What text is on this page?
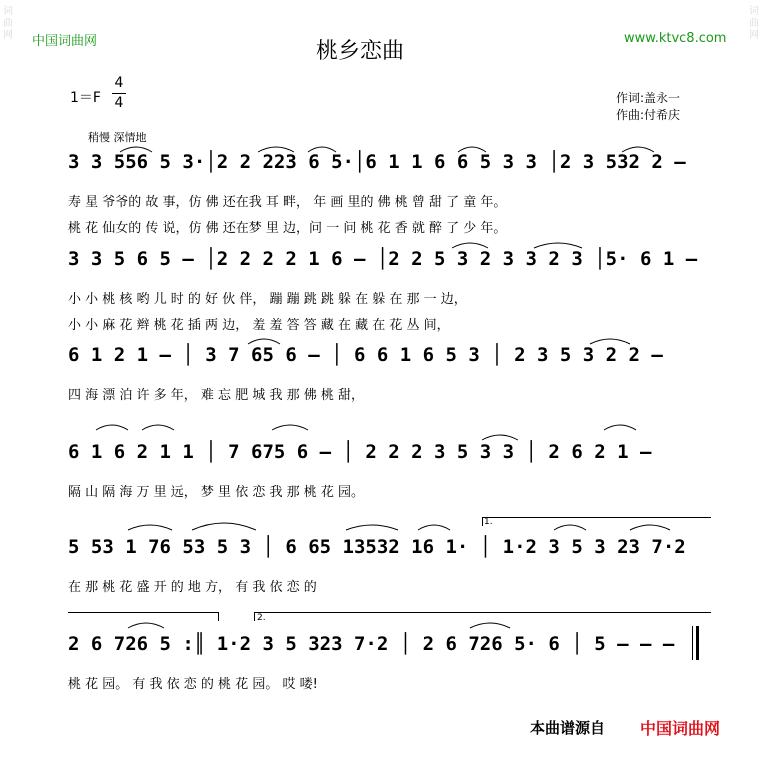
词
曲
网
词
曲
网
中国词曲网	www.ktvc8.com
桃乡恋曲
1＝F
4
4	作词:盖永一
作曲:付希庆
稍慢 深情地
3 3 556 5 3·│2 2 223 6 5·│6 1 1 6 6 5 3 3 │2 3 532 2 –
寿 星 爷爷的 故 事，仿 佛 还在我 耳 畔， 年 画 里的 佛 桃 曾 甜 了 童 年。
桃 花 仙女的 传 说，仿 佛 还在梦 里 边，问 一 问 桃 花 香 就 醉 了 少 年。
3 3 5 6 5 – │2 2 2 2 1 6 – │2 2 5 3 2 3 3 2 3 │5· 6 1 –
小 小 桃 核 哟 儿 时 的 好 伙 伴， 蹦 蹦 跳 跳 躲 在 躲 在 那 一 边，
小 小 麻 花 辫 桃 花 插 两 边， 羞 羞 答 答 藏 在 藏 在 花 丛 间，
6 1 2 1 – │ 3 7 65 6 – │ 6 6 1 6 5 3 │ 2 3 5 3 2 2 –
四 海 漂 泊 许 多 年， 难 忘 肥 城 我 那 佛 桃 甜，
6 1 6 2 1 1 │ 7 675 6 – │ 2 2 2 3 5 3 3 │ 2 6 2 1 –
隔 山 隔 海 万 里 远， 梦 里 依 恋 我 那 桃 花 园。
5 53 1 76 53 5 3 │ 6 65 13532 16 1· │ 1·2 3 5 3 23 7·2
在 那 桃 花 盛 开 的 地 方， 有 我 依 恋 的
2 6 726 5 :║ 1·2 3 5 323 7·2 │ 2 6 726 5· 6 │ 5 – – –
桃 花 园。 有 我 依 恋 的 桃 花 园。 哎 喽!
1.
2.
本曲谱源自 中国词曲网
